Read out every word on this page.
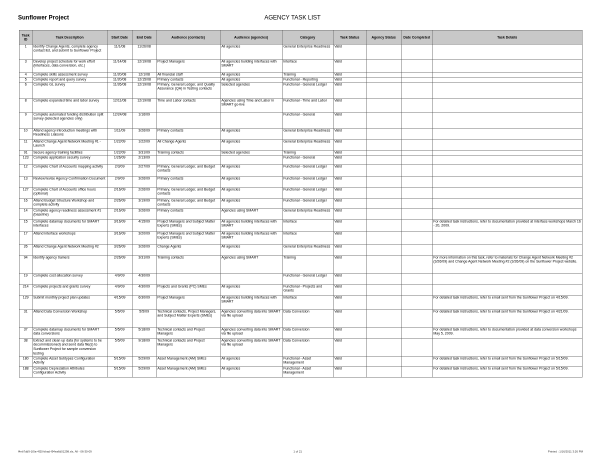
Sunflower Project	AGENCY TASK LIST
Task ID	Task Description	Start Date	End Date	Audience (contacts)	Audience (agencies)	Category	Task Status	Agency Status	Date Completed	Task Details
1	Identify Change Agents, complete agency contact list, and submit to Sunflower Project	11/1/08	11/26/08		All agencies	General Enterprise Readiness	Valid			
3	Develop project schedule for work effort (interfaces, data conversion, etc.)	11/14/08	12/19/08	Project Managers	All agencies building interfaces with SMART	Interface	Valid			
4	Complete skills assessment survey	11/20/08	12/1/08	All financial staff	All agencies	Training	Valid			
5	Complete report and query survey	11/20/08	12/15/08	Primary contacts	All agencies	Functional - Reporting	Valid			
6	Complete GL survey	11/26/08	12/19/08	Primary, General Ledger, and Quality Assurance (QA) in Testing contacts	Selected agencies	Functional - General Ledger	Valid			
8	Complete expanded time and labor survey	12/11/08	12/19/08	Time and Labor contacts	Agencies using Time and Labor in SMART go-live	Functional - Time and Labor	Valid			
9	Complete automated funding distribution split survey (selected agencies only)	12/24/08	1/16/09			Functional - General	Valid			
10	Attend agency introduction meetings with Readiness Liaisons	1/11/09	3/26/09	Primary contacts	All agencies	General Enterprise Readiness	Valid			
11	Attend Change Agent Network Meeting #1 - Launch	1/22/09	1/22/09	All Change Agents	All agencies	General Enterprise Readiness	Valid			
91	Secure agency training facilities	1/22/09	3/31/09	Training contacts	Selected agencies	Training	Valid			
123	Complete application security survey	1/26/09	2/13/09			Functional - General	Valid			
12	Complete Chart of Accounts mapping activity	2/3/09	2/27/09	Primary, General Ledger, and Budget contacts	All agencies	Functional - General Ledger	Valid			
13	Review/revise Agency Confirmation Document	2/9/09	3/26/09	Primary contacts	All agencies	Functional - General Ledger	Valid			
127	Complete Chart of Accounts office hours (optional)	2/16/09	2/26/09	Primary, General Ledger, and Budget contacts	All agencies	Functional - General Ledger	Valid			
16	Attend Budget Structure Workshop and complete activity	2/26/09	3/19/09	Primary, General Ledger, and Budget contacts	All agencies	Functional - General Ledger	Valid			
14	Complete agency readiness assessment #1 (baseline)	2/16/09	3/26/09	Primary contacts	Agencies using SMART	General Enterprise Readiness	Valid			
15	Complete datamap documents for SMART interfaces	3/16/09	4/15/09	Project Managers and Subject Matter Experts (SMEs)	All agencies building interfaces with SMART	Interface	Valid			For detailed task instructions, refer to documentation provided at interface workshops March 16 - 20, 2009.
17	Attend interface workshops	3/16/09	3/20/09	Project Managers and Subject Matter Experts (SMEs)	All agencies building interfaces with SMART	Interface	Valid			
26	Attend Change Agent Network Meeting #2	3/26/09	3/26/09	Change Agents	All agencies	General Enterprise Readiness	Valid			
94	Identify agency trainers	2/26/09	3/31/09	Training contacts	Agencies using SMART	Training	Valid			For more information on this task, refer to materials for Change Agent Network Meeting #2 (3/26/09) and Change Agent Network Meeting #2 (3/26/09) on the Sunflower Project website.
19	Complete cost allocation survey	4/9/09	4/30/09			Functional - General Ledger	Valid			
214	Complete projects and grants survey	4/9/09	4/30/09	Projects and Grants (PC) SMEs	All agencies	Functional - Projects and Grants	Valid			
129	Submit monthly project plan updates	4/15/09	6/30/09	Project Managers	All agencies building interfaces with SMART	Interface	Valid			For detailed task instructions, refer to email sent from the Sunflower Project on 4/15/09.
31	Attend Data Conversion Workshop	5/5/09	5/5/09	Technical contacts, Project Managers, and Subject Matter Experts (SMEs)	Agencies converting data into SMART via file upload	Data Conversion	Valid			For detailed task instructions, refer to email sent from the Sunflower Project on 4/21/09.
37	Complete datamap documents for SMART data conversions	5/5/09	5/18/09	Technical contacts and Project Managers	Agencies converting data into SMART via file upload	Data Conversion	Valid			For detailed task instructions, refer to documentation provided at data conversion workshops May 5, 2009.
38	Extract and clean up data (for systems to be decommissioned) and send data file(s) to Sunflower Project for sample conversion testing	5/5/09	9/18/09	Technical contacts and Project Managers	Agencies converting data into SMART via file upload	Data Conversion	Valid			
180	Complete Asset Subtypes Configuration Activity	5/15/09	5/29/09	Asset Management (AM) SMEs	All agencies	Functional - Asset Management	Valid			For detailed task instructions, refer to email sent from the Sunflower Project on 5/15/09.
188	Complete Depreciation Attributes Configuration Activity	5/15/09	5/29/09	Asset Management (AM) SMEs	All agencies	Functional - Asset Management	Valid			For detailed task instructions, refer to email sent from the Sunflower Project on 5/15/09.
f4eb7dd9-1f0a-4f20-bbad-f94ea6d01298.xls, All - 06-30-09	1 of 21	Printed : 1/16/2011 3:26 PM
